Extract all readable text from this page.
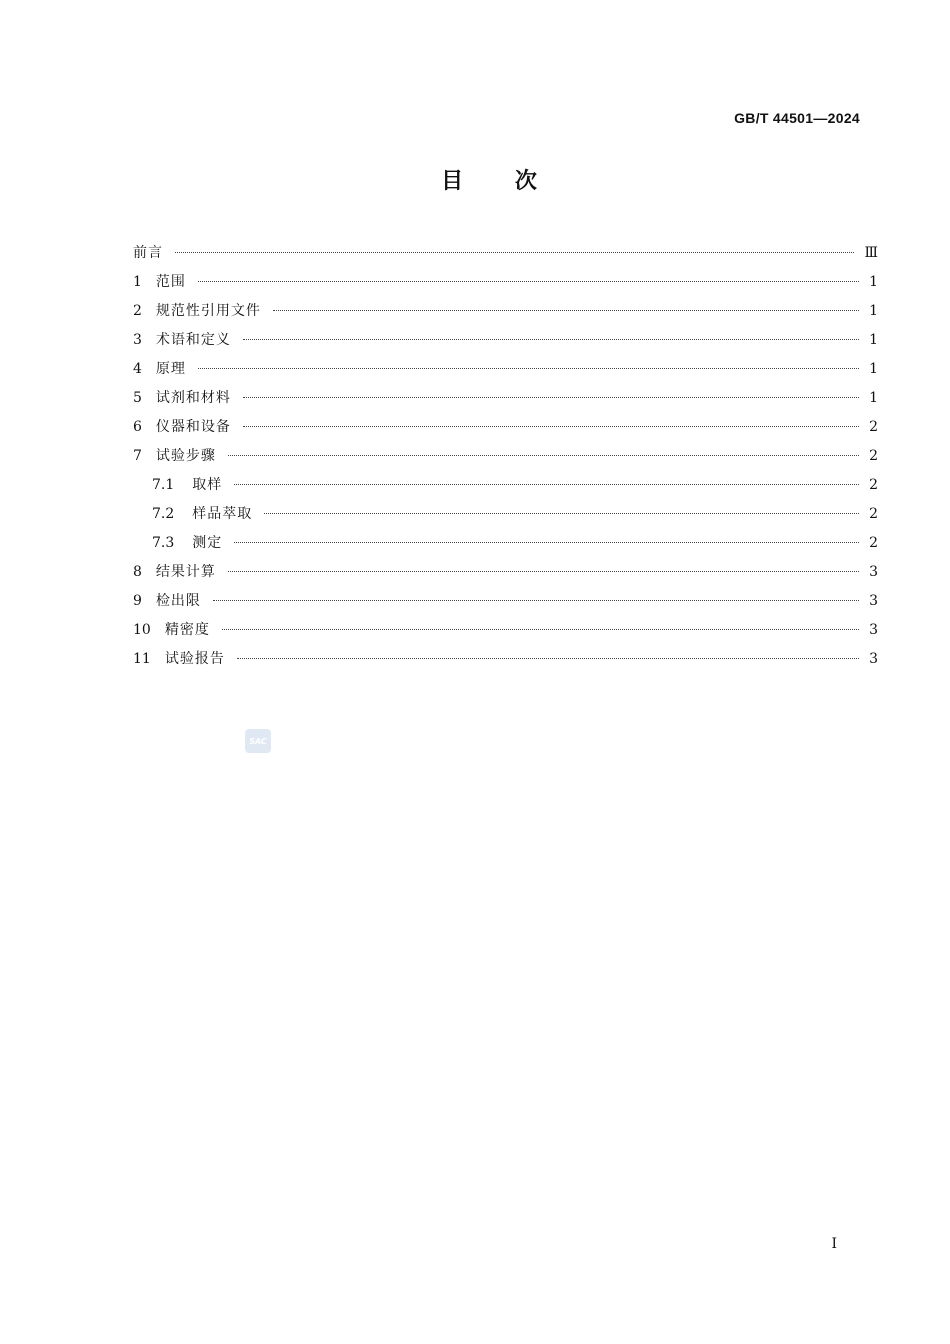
GB/T 44501—2024
目 次
前言	Ⅲ
1 范围	1
2 规范性引用文件	1
3 术语和定义	1
4 原理	1
5 试剂和材料	1
6 仪器和设备	2
7 试验步骤	2
7.1 取样	2
7.2 样品萃取	2
7.3 测定	2
8 结果计算	3
9 检出限	3
10 精密度	3
11 试验报告	3
SAC
I
